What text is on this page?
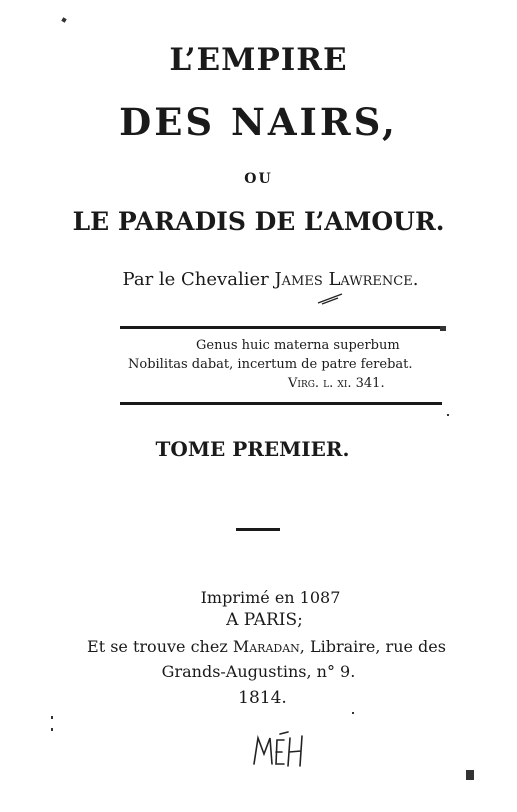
L’EMPIRE
DES NAIRS,
OU
LE PARADIS DE L’AMOUR.
Par le Chevalier James Lawrence.
Genus huic materna superbum
Nobilitas dabat, incertum de patre ferebat.
Virg. l. xi. 341.
TOME PREMIER.
Imprimé en 1087
A PARIS;
Et se trouve chez Maradan, Libraire, rue des
Grands-Augustins, n° 9.
1814.
